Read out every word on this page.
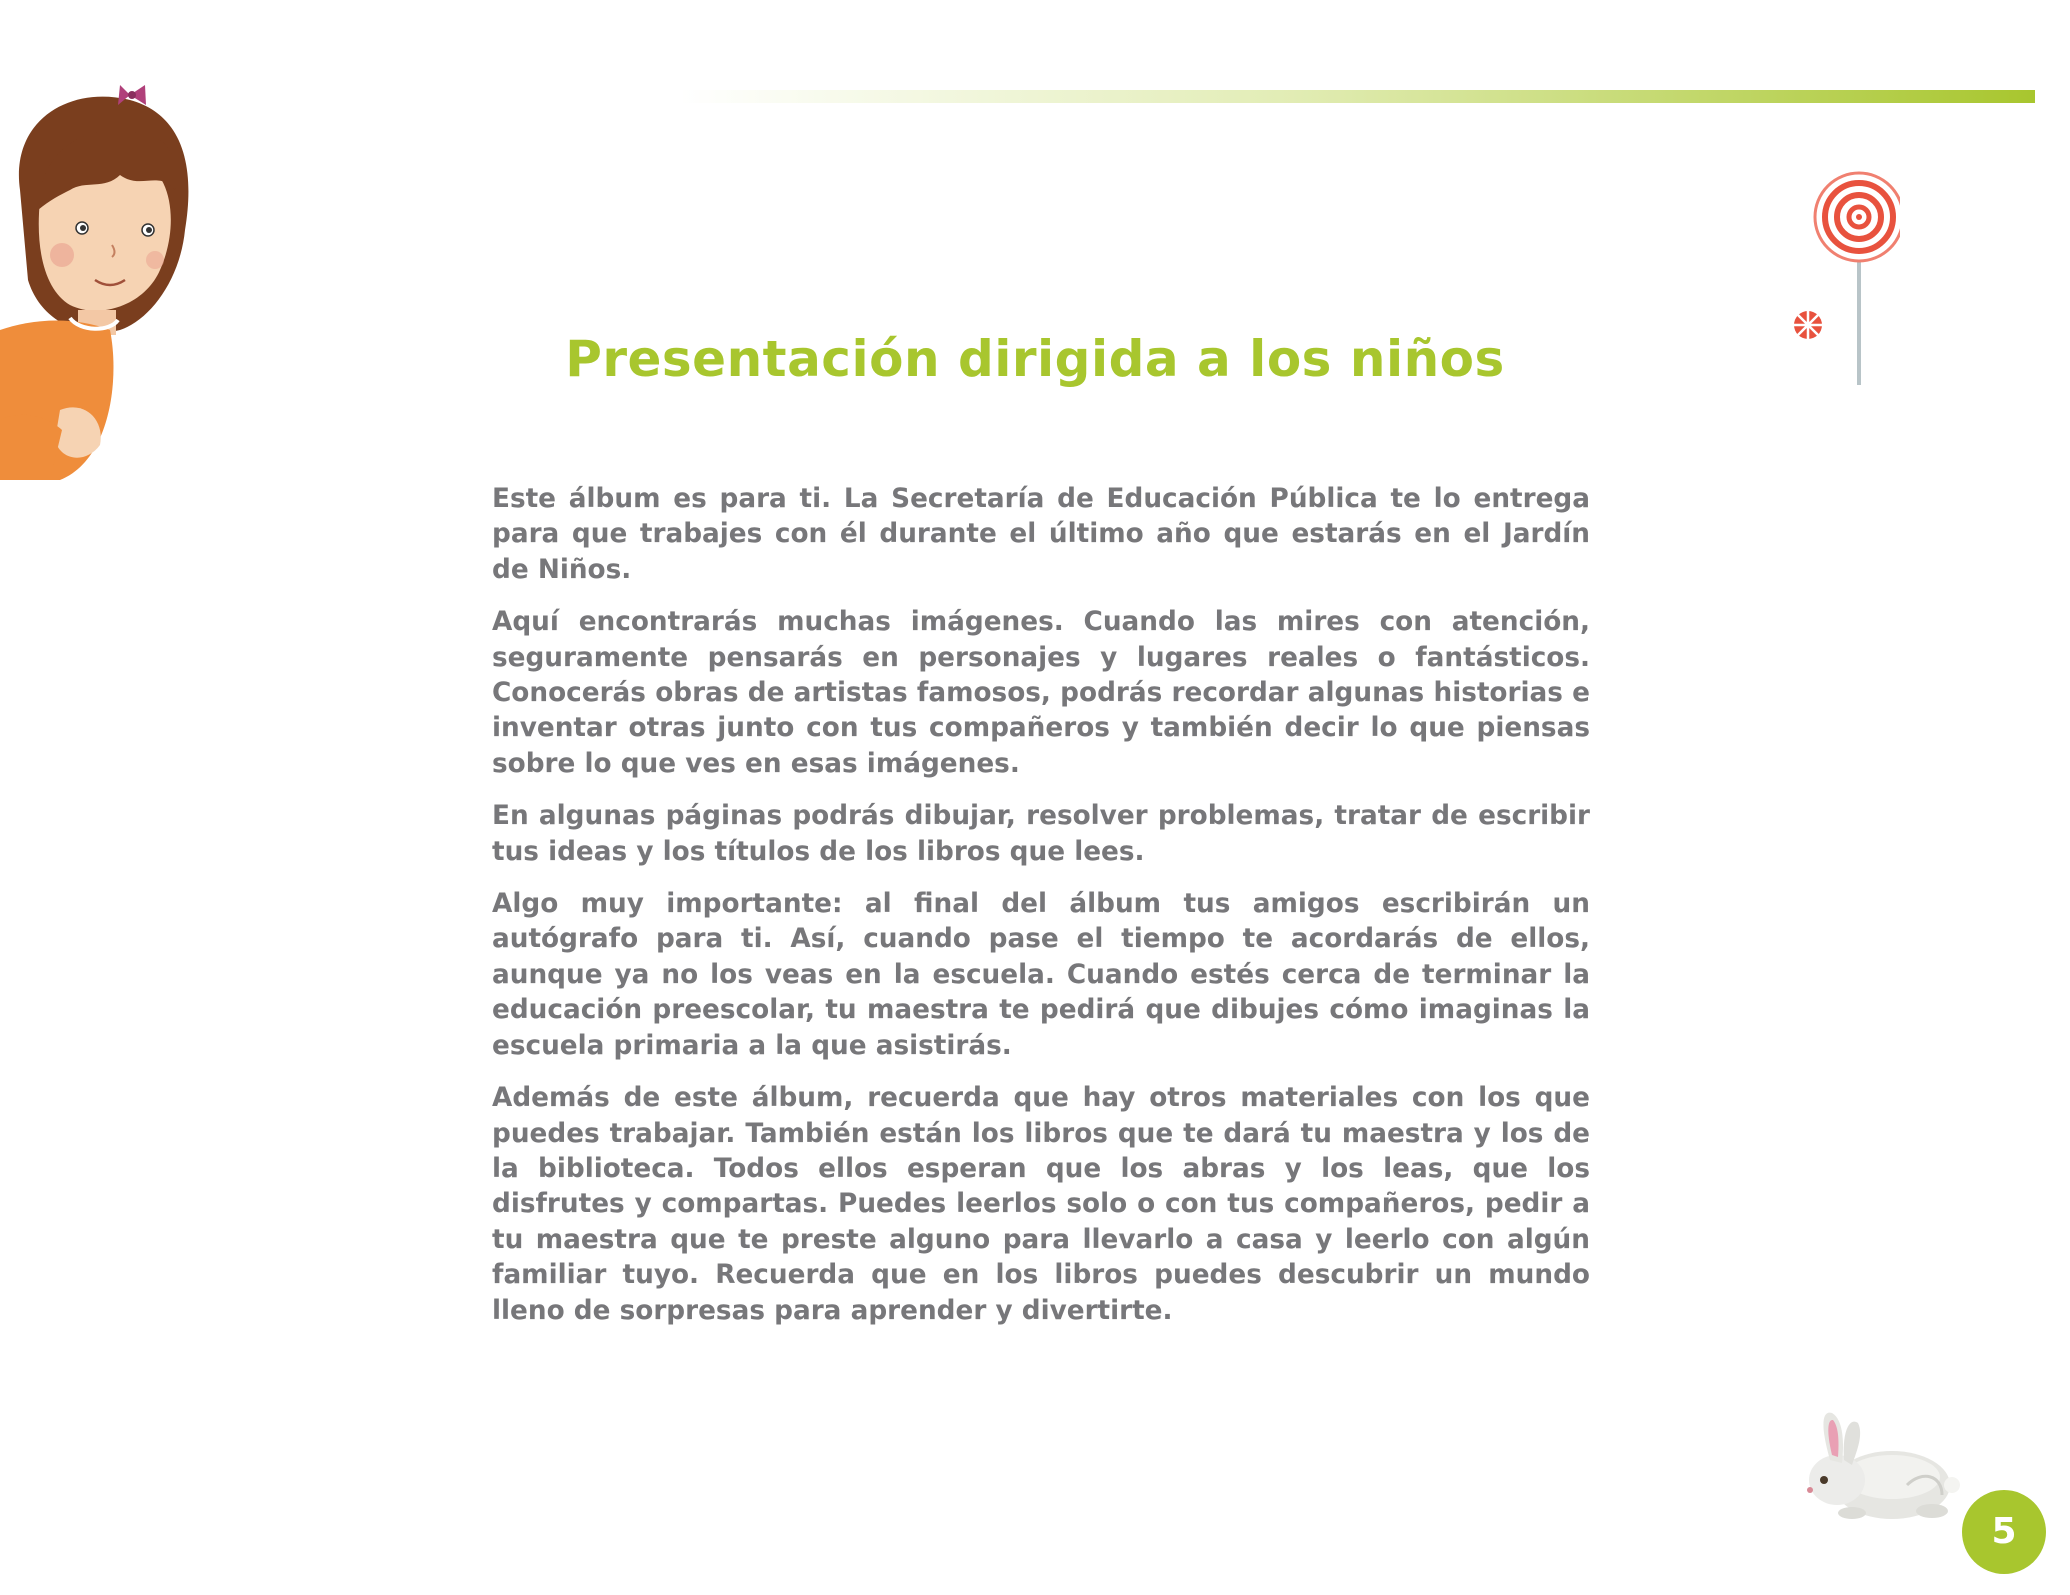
Presentación dirigida a los niños

Este álbum es para ti. La Secretaría de Educación Pública te lo entrega para que trabajes con él durante el último año que estarás en el Jardín de Niños.

Aquí encontrarás muchas imágenes. Cuando las mires con atención, seguramente pensarás en personajes y lugares reales o fantásticos. Conocerás obras de artistas famosos, podrás recordar algunas historias e inventar otras junto con tus compañeros y también decir lo que piensas sobre lo que ves en esas imágenes.

En algunas páginas podrás dibujar, resolver problemas, tratar de escribir tus ideas y los títulos de los libros que lees.

Algo muy importante: al final del álbum tus amigos escribirán un autógrafo para ti. Así, cuando pase el tiempo te acordarás de ellos, aunque ya no los veas en la escuela. Cuando estés cerca de terminar la educación preescolar, tu maestra te pedirá que dibujes cómo imaginas la escuela primaria a la que asistirás.

Además de este álbum, recuerda que hay otros materiales con los que puedes trabajar. También están los libros que te dará tu maestra y los de la biblioteca. Todos ellos esperan que los abras y los leas, que los disfrutes y compartas. Puedes leerlos solo o con tus compañeros, pedir a tu maestra que te preste alguno para llevarlo a casa y leerlo con algún familiar tuyo. Recuerda que en los libros puedes descubrir un mundo lleno de sorpresas para aprender y divertirte.

5
